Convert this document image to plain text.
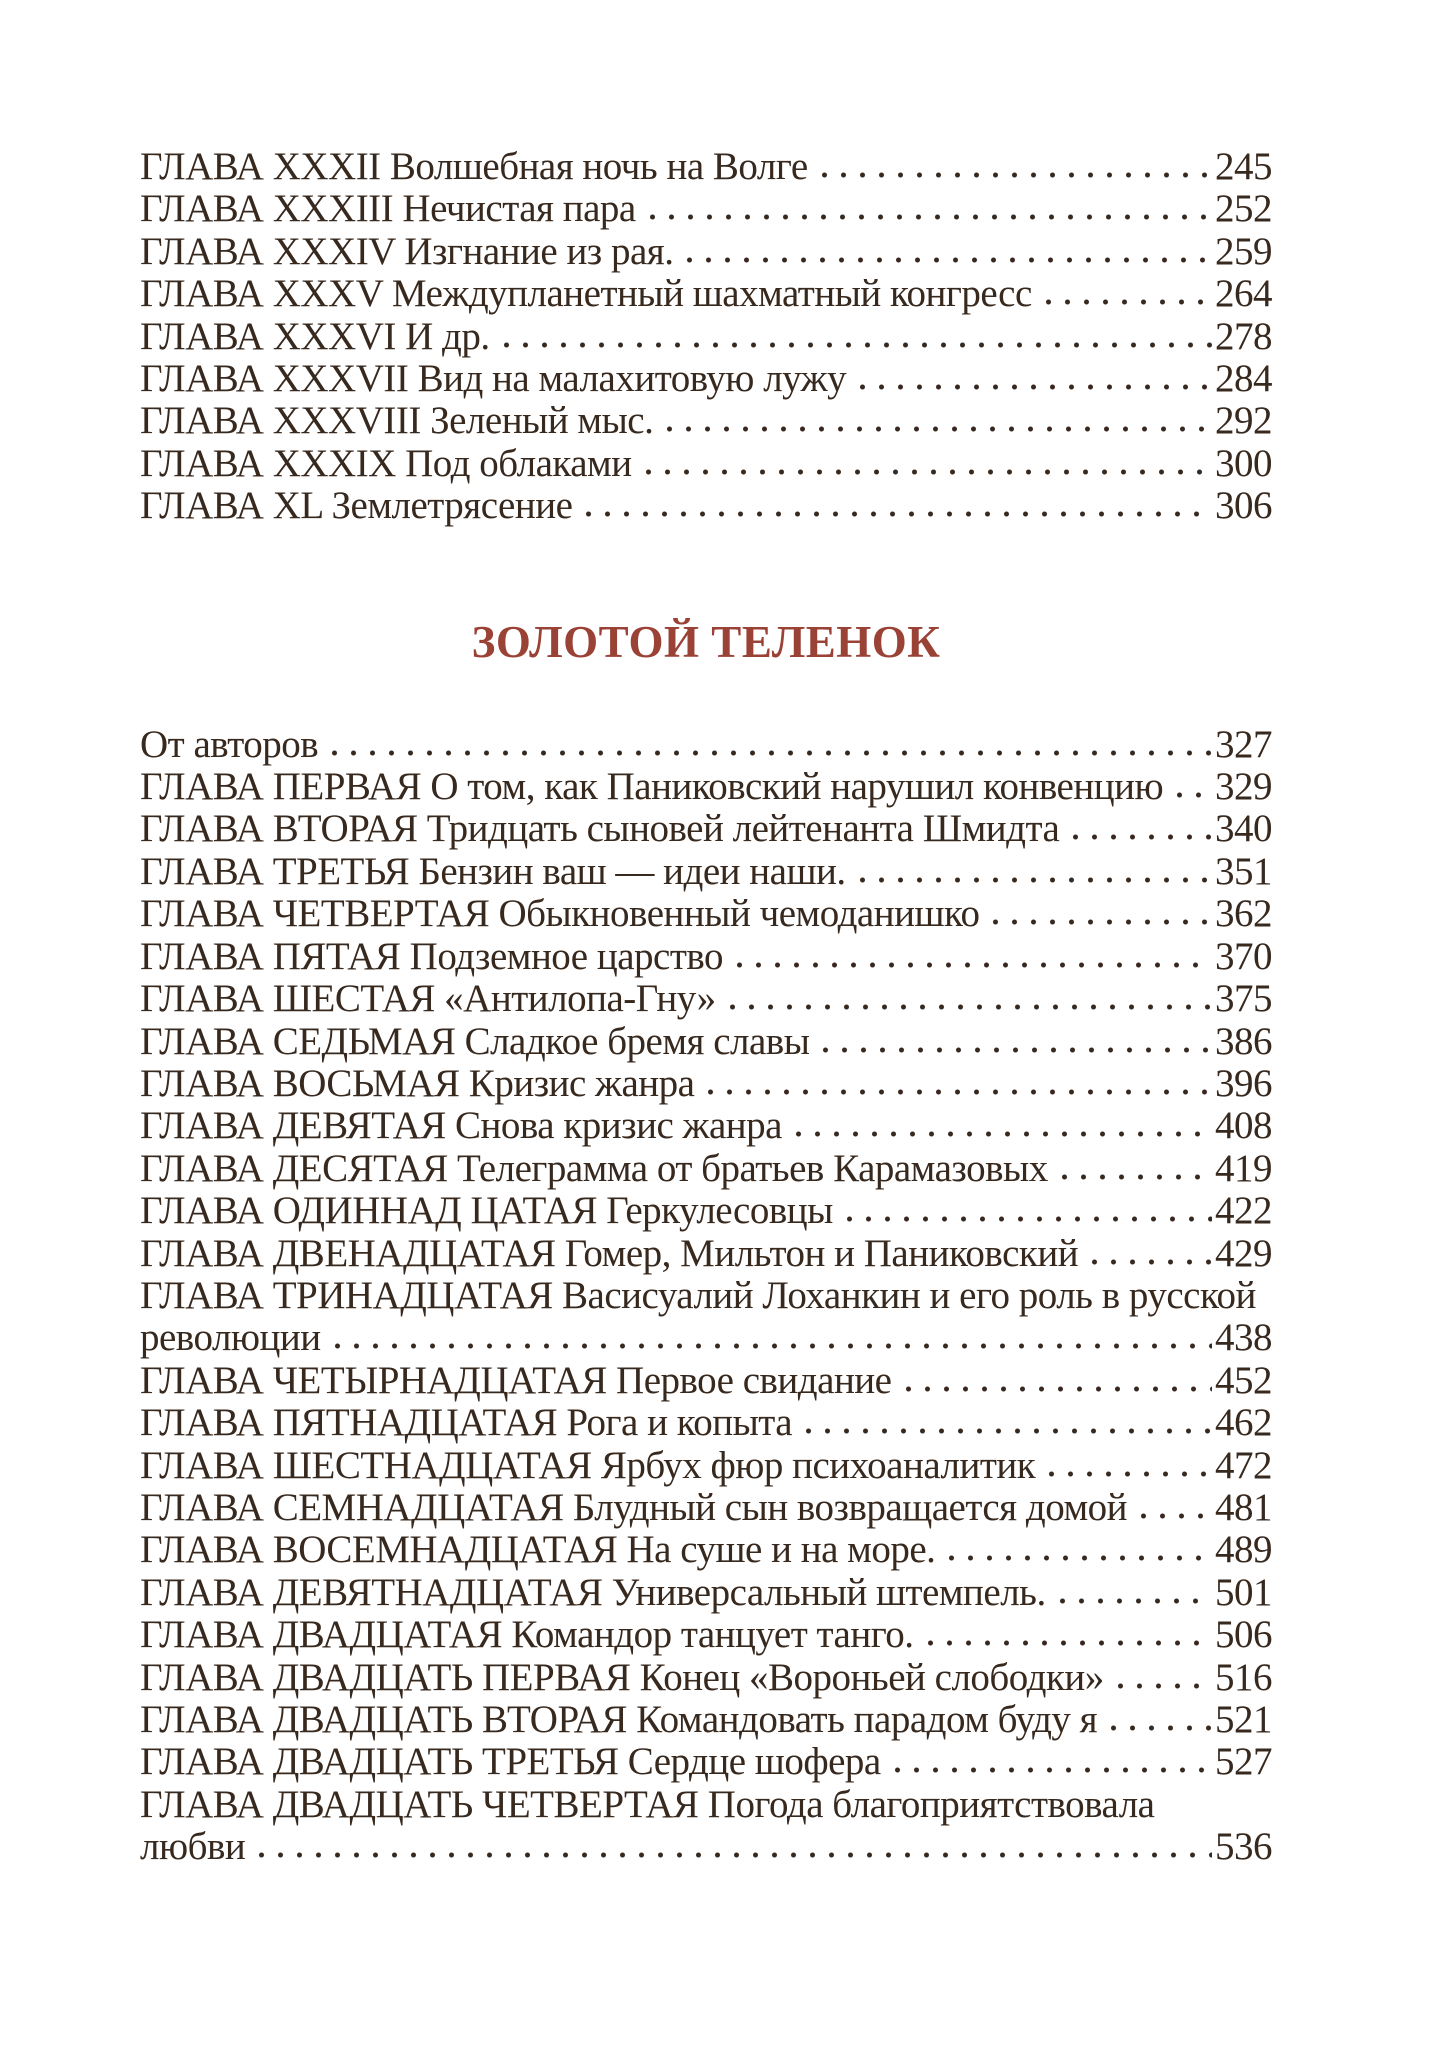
ГЛАВА XXXII Волшебная ночь на Волге	245
ГЛАВА XXXIII Нечистая пара	252
ГЛАВА XXXIV Изгнание из рая.	259
ГЛАВА XXXV Междупланетный шахматный конгресс	264
ГЛАВА XXXVI И др.	278
ГЛАВА XXXVII Вид на малахитовую лужу	284
ГЛАВА XXXVIII Зеленый мыс.	292
ГЛАВА XXXIX Под облаками	300
ГЛАВА XL Землетрясение	306
ЗОЛОТОЙ ТЕЛЕНОК
От авторов	327
ГЛАВА ПЕРВАЯ О том, как Паниковский нарушил конвенцию 329
ГЛАВА ВТОРАЯ Тридцать сыновей лейтенанта Шмидта	340
ГЛАВА ТРЕТЬЯ Бензин ваш — идеи наши.	351
ГЛАВА ЧЕТВЕРТАЯ Обыкновенный чемоданишко	362
ГЛАВА ПЯТАЯ Подземное царство	370
ГЛАВА ШЕСТАЯ «Антилопа-Гну»	375
ГЛАВА СЕДЬМАЯ Сладкое бремя славы	386
ГЛАВА ВОСЬМАЯ Кризис жанра	396
ГЛАВА ДЕВЯТАЯ Снова кризис жанра	408
ГЛАВА ДЕСЯТАЯ Телеграмма от братьев Карамазовых	419
ГЛАВА ОДИННАД ЦАТАЯ Геркулесовцы	422
ГЛАВА ДВЕНАДЦАТАЯ Гомер, Мильтон и Паниковский	429
ГЛАВА ТРИНАДЦАТАЯ Васисуалий Лоханкин и его роль в русской
революции	438
ГЛАВА ЧЕТЫРНАДЦАТАЯ Первое свидание	452
ГЛАВА ПЯТНАДЦАТАЯ Рога и копыта	462
ГЛАВА ШЕСТНАДЦАТАЯ Ярбух фюр психоаналитик	472
ГЛАВА СЕМНАДЦАТАЯ Блудный сын возвращается домой 481
ГЛАВА ВОСЕМНАДЦАТАЯ На суше и на море.	489
ГЛАВА ДЕВЯТНАДЦАТАЯ Универсальный штемпель.	501
ГЛАВА ДВАДЦАТАЯ Командор танцует танго.	506
ГЛАВА ДВАДЦАТЬ ПЕРВАЯ Конец «Вороньей слободки»	516
ГЛАВА ДВАДЦАТЬ ВТОРАЯ Командовать парадом буду я	521
ГЛАВА ДВАДЦАТЬ ТРЕТЬЯ Сердце шофера	527
ГЛАВА ДВАДЦАТЬ ЧЕТВЕРТАЯ Погода благоприятствовала
любви	536
